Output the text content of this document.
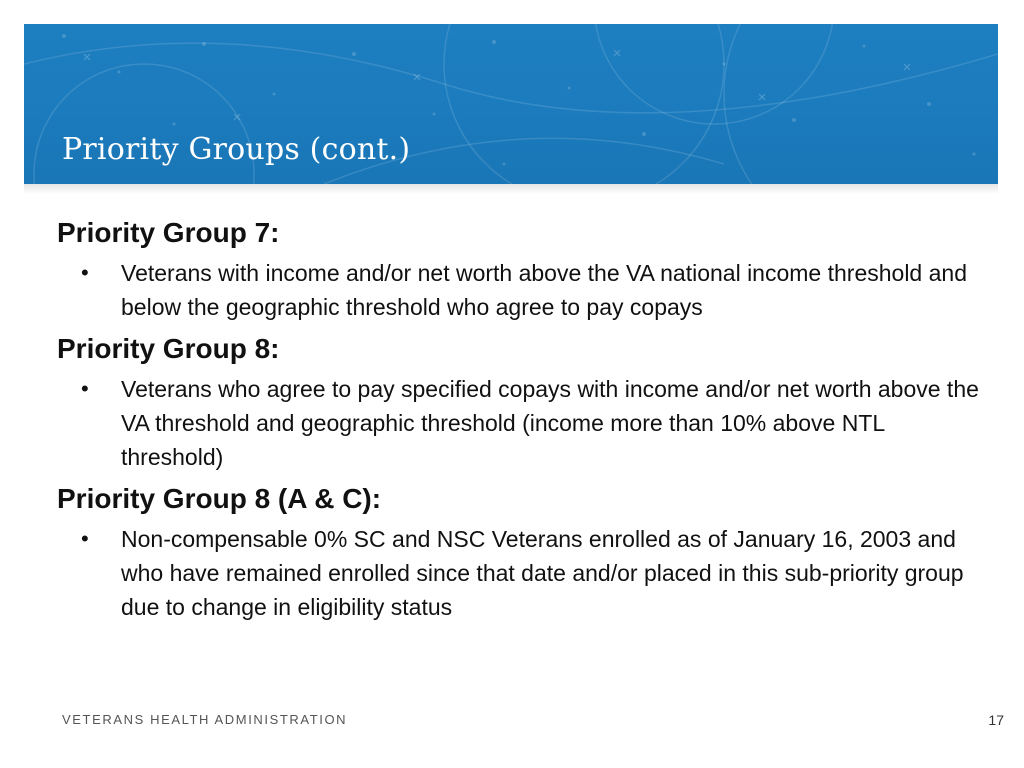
Priority Groups (cont.)
Priority Group 7:
• Veterans with income and/or net worth above the VA national income threshold and below the geographic threshold who agree to pay copays
Priority Group 8:
• Veterans who agree to pay specified copays with income and/or net worth above the VA threshold and geographic threshold (income more than 10% above NTL threshold)
Priority Group 8 (A & C):
• Non-compensable 0% SC and NSC Veterans enrolled as of January 16, 2003 and who have remained enrolled since that date and/or placed in this sub-priority group due to change in eligibility status
VETERANS HEALTH ADMINISTRATION	17
